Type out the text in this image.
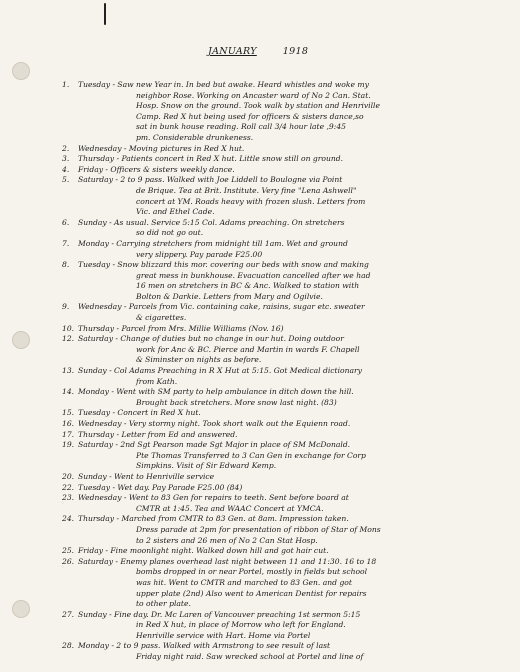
JANUARY	1918
1.	Tuesday - Saw new Year in. In bed but awake. Heard whistles and woke my
neighbor Rose. Working on Ancaster ward of No 2 Can. Stat.
Hosp. Snow on the ground. Took walk by station and Henriville
Camp. Red X hut being used for officers & sisters dance,so
sat in bunk house reading. Roll call 3/4 hour late ,9:45
pm. Considerable drunkeness.
2.	Wednesday - Moving pictures in Red X hut.
3.	Thursday - Patients concert in Red X hut. Little snow still on ground.
4.	Friday - Officers & sisters weekly dance.
5.	Saturday - 2 to 9 pass. Walked with Joe Liddell to Boulogne via Point
de Brique. Tea at Brit. Institute. Very fine "Lena Ashwell"
concert at YM. Roads heavy with frozen slush. Letters from
Vic. and Ethel Cade.
6.	Sunday - As usual. Service 5:15 Col. Adams preaching. On stretchers
so did not go out.
7.	Monday - Carrying stretchers from midnight till 1am. Wet and ground
very slippery. Pay parade F25.00
8.	Tuesday - Snow blizzard this mor. covering our beds with snow and making
great mess in bunkhouse. Evacuation cancelled after we had
16 men on stretchers in BC & Anc. Walked to station with
Bolton & Darkie. Letters from Mary and Ogilvie.
9.	Wednesday - Parcels from Vic. containing cake, raisins, sugar etc. sweater
& cigarettes.
10. Thursday - Parcel from Mrs. Millie Williams (Nov. 16)
12. Saturday - Change of duties but no change in our hut. Doing outdoor
work for Anc & BC. Pierce and Martin in wards F. Chapell
& Siminster on nights as before.
13. Sunday - Col Adams Preaching in R X Hut at 5:15. Got Medical dictionary
from Kath.
14. Monday - Went with SM party to help ambulance in ditch down the hill.
Brought back stretchers. More snow last night. (83)
15. Tuesday - Concert in Red X hut.
16. Wednesday - Very stormy night. Took short walk out the Equienn road.
17. Thursday - Letter from Ed and answered.
19. Saturday - 2nd Sgt Pearson made Sgt Major in place of SM McDonald.
Pte Thomas Transferred to 3 Can Gen in exchange for Corp
Simpkins. Visit of Sir Edward Kemp.
20. Sunday - Went to Henriville service
22. Tuesday - Wet day. Pay Parade F25.00 (84)
23. Wednesday - Went to 83 Gen for repairs to teeth. Sent before board at
CMTR at 1:45. Tea and WAAC Concert at YMCA.
24. Thursday - Marched from CMTR to 83 Gen. at 8am. Impression taken.
Dress parade at 2pm for presentation of ribbon of Star of Mons
to 2 sisters and 26 men of No 2 Can Stat Hosp.
25. Friday - Fine moonlight night. Walked down hill and got hair cut.
26. Saturday - Enemy planes overhead last night between 11 and 11:30. 16 to 18
bombs dropped in or near Portel, mostly in fields but school
was hit. Went to CMTR and marched to 83 Gen. and got
upper plate (2nd) Also went to American Dentist for repairs
to other plate.
27. Sunday - Fine day. Dr. Mc Laren of Vancouver preaching 1st sermon 5:15
in Red X hut, in place of Morrow who left for England.
Henriville service with Hart. Home via Portel
28. Monday - 2 to 9 pass. Walked with Armstrong to see result of last
Friday night raid. Saw wrecked school at Portel and line of
